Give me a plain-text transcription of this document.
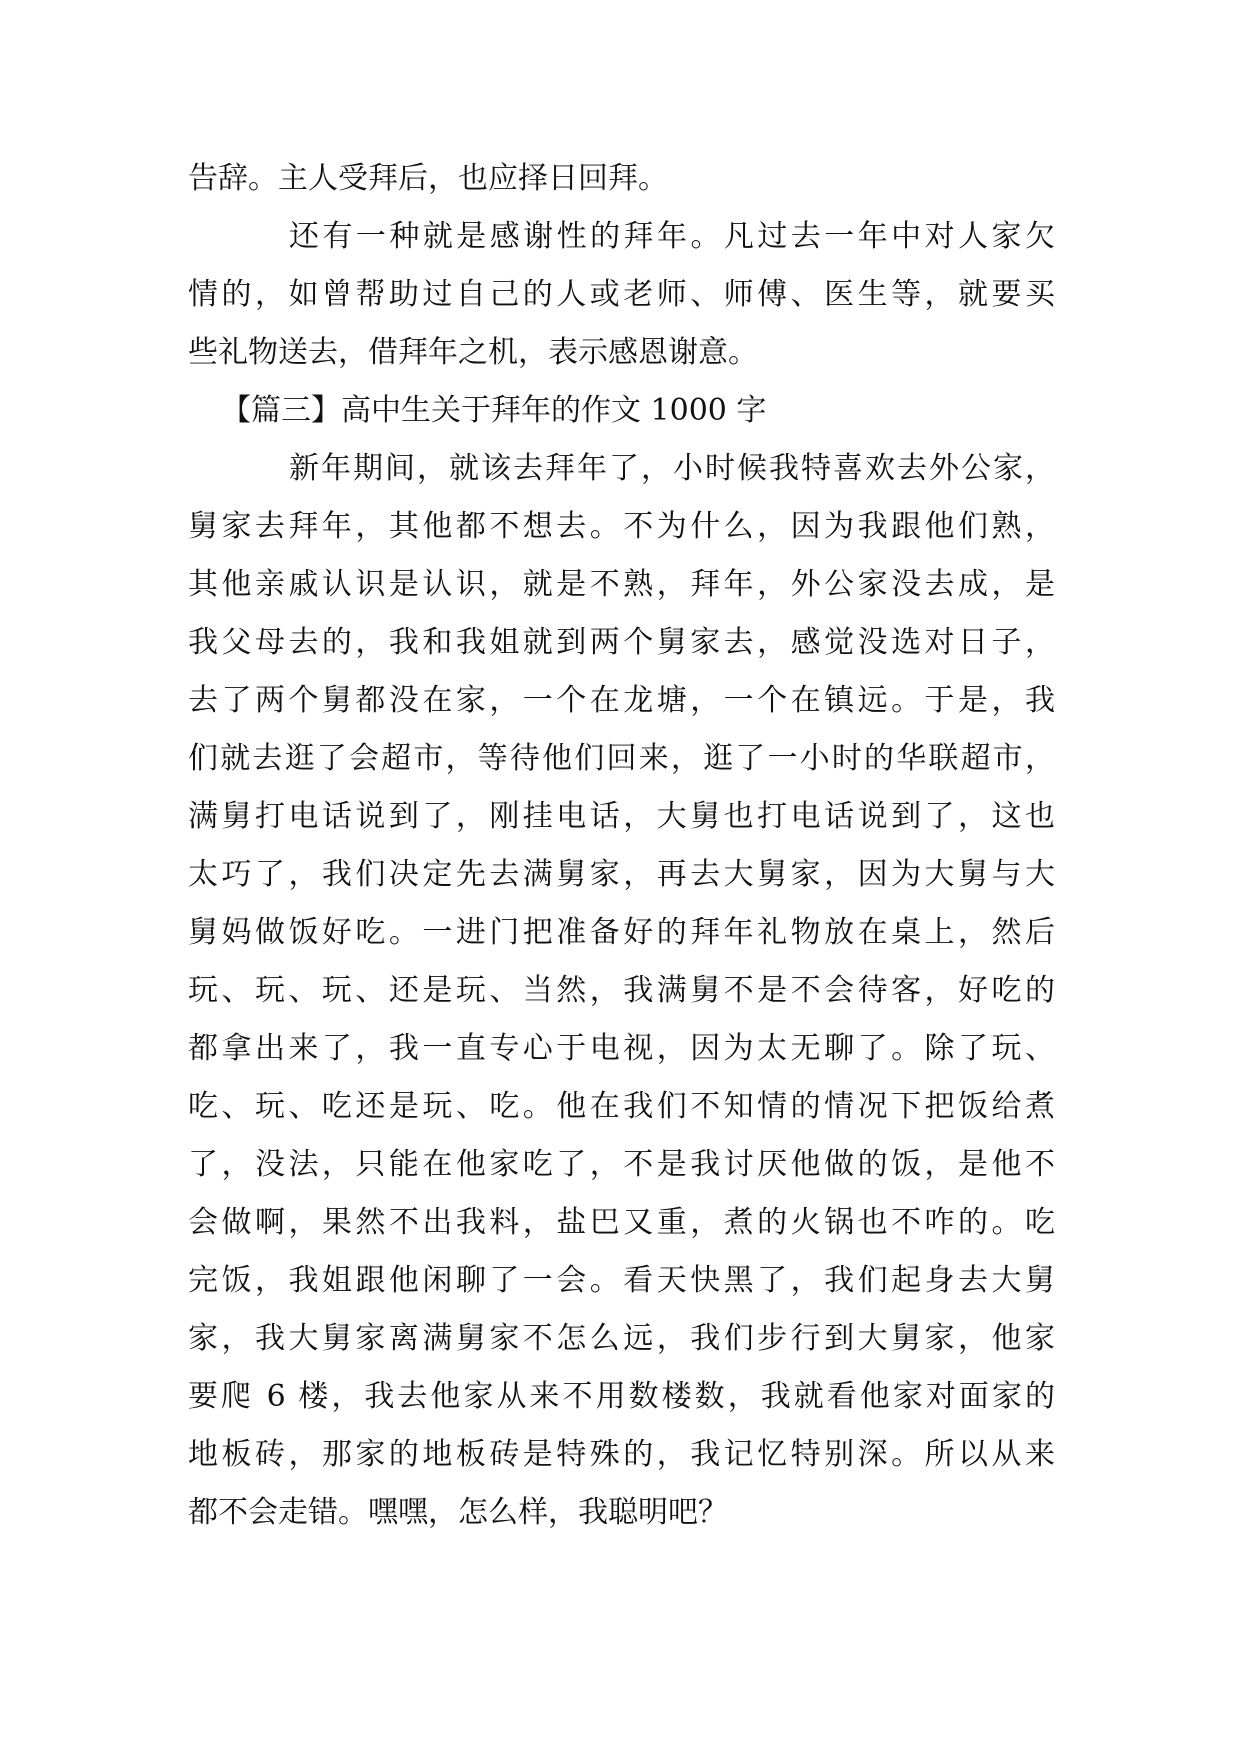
告辞。主人受拜后，也应择日回拜。
还有一种就是感谢性的拜年。凡过去一年中对人家欠
情的，如曾帮助过自己的人或老师、师傅、医生等，就要买
些礼物送去，借拜年之机，表示感恩谢意。
【篇三】高中生关于拜年的作文 1000 字
新年期间，就该去拜年了，小时候我特喜欢去外公家，
舅家去拜年，其他都不想去。不为什么，因为我跟他们熟，
其他亲戚认识是认识，就是不熟，拜年，外公家没去成，是
我父母去的，我和我姐就到两个舅家去，感觉没选对日子，
去了两个舅都没在家，一个在龙塘，一个在镇远。于是，我
们就去逛了会超市，等待他们回来，逛了一小时的华联超市，
满舅打电话说到了，刚挂电话，大舅也打电话说到了，这也
太巧了，我们决定先去满舅家，再去大舅家，因为大舅与大
舅妈做饭好吃。一进门把准备好的拜年礼物放在桌上，然后
玩、玩、玩、还是玩、当然，我满舅不是不会待客，好吃的
都拿出来了，我一直专心于电视，因为太无聊了。除了玩、
吃、玩、吃还是玩、吃。他在我们不知情的情况下把饭给煮
了，没法，只能在他家吃了，不是我讨厌他做的饭，是他不
会做啊，果然不出我料，盐巴又重，煮的火锅也不咋的。吃
完饭，我姐跟他闲聊了一会。看天快黑了，我们起身去大舅
家，我大舅家离满舅家不怎么远，我们步行到大舅家，他家
要爬 6 楼，我去他家从来不用数楼数，我就看他家对面家的
地板砖，那家的地板砖是特殊的，我记忆特别深。所以从来
都不会走错。嘿嘿，怎么样，我聪明吧？
